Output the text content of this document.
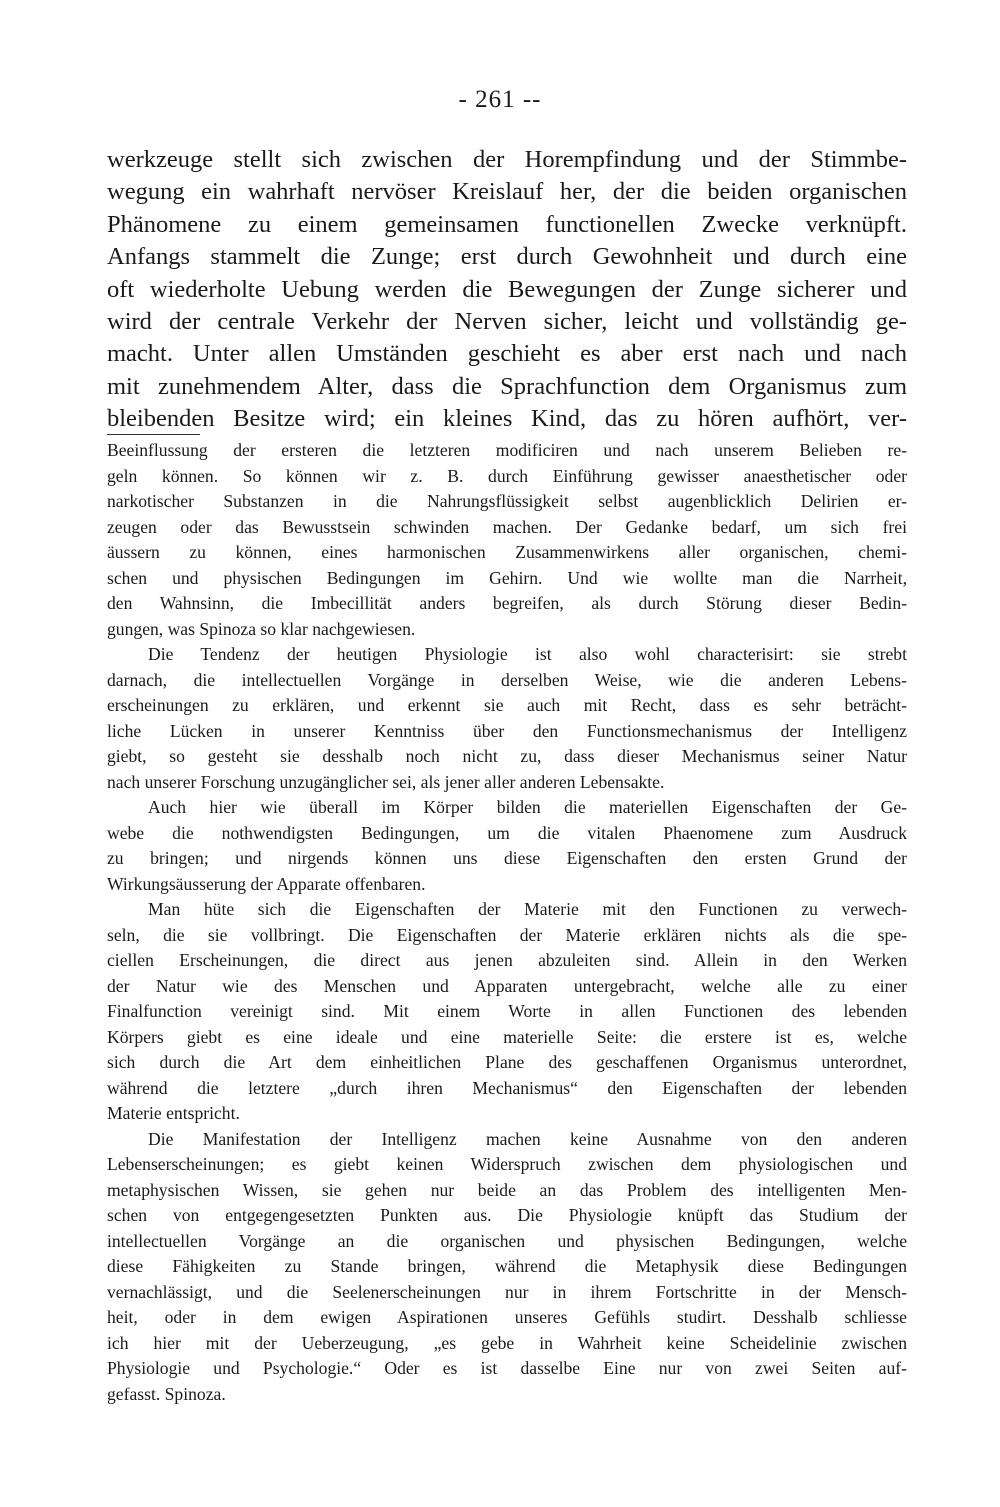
- 261 --
werkzeuge stellt sich zwischen der Horempfindung und der Stimmbe-
wegung ein wahrhaft nervöser Kreislauf her, der die beiden organischen
Phänomene zu einem gemeinsamen functionellen Zwecke verknüpft.
Anfangs stammelt die Zunge; erst durch Gewohnheit und durch eine
oft wiederholte Uebung werden die Bewegungen der Zunge sicherer und
wird der centrale Verkehr der Nerven sicher, leicht und vollständig ge-
macht. Unter allen Umständen geschieht es aber erst nach und nach
mit zunehmendem Alter, dass die Sprachfunction dem Organismus zum
bleibenden Besitze wird; ein kleines Kind, das zu hören aufhört, ver-
Beeinflussung der ersteren die letzteren modificiren und nach unserem Belieben re-
geln können. So können wir z. B. durch Einführung gewisser anaesthetischer oder
narkotischer Substanzen in die Nahrungsflüssigkeit selbst augenblicklich Delirien er-
zeugen oder das Bewusstsein schwinden machen. Der Gedanke bedarf, um sich frei
äussern zu können, eines harmonischen Zusammenwirkens aller organischen, chemi-
schen und physischen Bedingungen im Gehirn. Und wie wollte man die Narrheit,
den Wahnsinn, die Imbecillität anders begreifen, als durch Störung dieser Bedin-
gungen, was Spinoza so klar nachgewiesen.
Die Tendenz der heutigen Physiologie ist also wohl characterisirt: sie strebt
darnach, die intellectuellen Vorgänge in derselben Weise, wie die anderen Lebens-
erscheinungen zu erklären, und erkennt sie auch mit Recht, dass es sehr beträcht-
liche Lücken in unserer Kenntniss über den Functionsmechanismus der Intelligenz
giebt, so gesteht sie desshalb noch nicht zu, dass dieser Mechanismus seiner Natur
nach unserer Forschung unzugänglicher sei, als jener aller anderen Lebensakte.
Auch hier wie überall im Körper bilden die materiellen Eigenschaften der Ge-
webe die nothwendigsten Bedingungen, um die vitalen Phaenomene zum Ausdruck
zu bringen; und nirgends können uns diese Eigenschaften den ersten Grund der
Wirkungsäusserung der Apparate offenbaren.
Man hüte sich die Eigenschaften der Materie mit den Functionen zu verwech-
seln, die sie vollbringt. Die Eigenschaften der Materie erklären nichts als die spe-
ciellen Erscheinungen, die direct aus jenen abzuleiten sind. Allein in den Werken
der Natur wie des Menschen und Apparaten untergebracht, welche alle zu einer
Finalfunction vereinigt sind. Mit einem Worte in allen Functionen des lebenden
Körpers giebt es eine ideale und eine materielle Seite: die erstere ist es, welche
sich durch die Art dem einheitlichen Plane des geschaffenen Organismus unterordnet,
während die letztere „durch ihren Mechanismus“ den Eigenschaften der lebenden
Materie entspricht.
Die Manifestation der Intelligenz machen keine Ausnahme von den anderen
Lebenserscheinungen; es giebt keinen Widerspruch zwischen dem physiologischen und
metaphysischen Wissen, sie gehen nur beide an das Problem des intelligenten Men-
schen von entgegengesetzten Punkten aus. Die Physiologie knüpft das Studium der
intellectuellen Vorgänge an die organischen und physischen Bedingungen, welche
diese Fähigkeiten zu Stande bringen, während die Metaphysik diese Bedingungen
vernachlässigt, und die Seelenerscheinungen nur in ihrem Fortschritte in der Mensch-
heit, oder in dem ewigen Aspirationen unseres Gefühls studirt. Desshalb schliesse
ich hier mit der Ueberzeugung, „es gebe in Wahrheit keine Scheidelinie zwischen
Physiologie und Psychologie.“ Oder es ist dasselbe Eine nur von zwei Seiten auf-
gefasst. Spinoza.
